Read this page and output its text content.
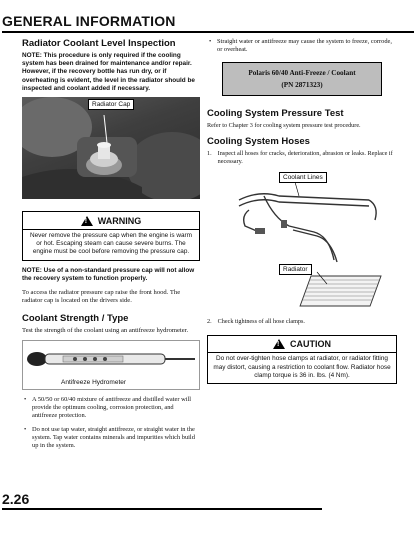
GENERAL INFORMATION
Radiator Coolant Level Inspection
NOTE: This procedure is only required if the cooling system has been drained for maintenance and/or repair. However, if the recovery bottle has run dry, or if overheating is evident, the level in the radiator should be inspected and coolant added if necessary.
Radiator Cap
!
WARNING
Never remove the pressure cap when the engine is warm or hot. Escaping steam can cause severe burns. The engine must be cool before removing the pressure cap.
NOTE: Use of a non-standard pressure cap will not allow the recovery system to function properly.
To access the radiator pressure cap raise the front hood. The radiator cap is located on the drivers side.
Coolant Strength / Type
Test the strength of the coolant using an antifreeze hydrometer.
Antifreeze Hydrometer
• A 50/50 or 60/40 mixture of antifreeze and distilled water will provide the optimum cooling, corrosion protection, and antifreeze protection.
• Do not use tap water, straight antifreeze, or straight water in the system. Tap water contains minerals and impurities which build up in the system.
• Straight water or antifreeze may cause the system to freeze, corrode, or overheat.
Polaris 60/40 Anti-Freeze / Coolant
(PN 2871323)
Cooling System Pressure Test
Refer to Chapter 3 for cooling system pressure test procedure.
Cooling System Hoses
1. Inspect all hoses for cracks, deterioration, abrasion or leaks. Replace if necessary.
Coolant Lines
Radiator
2. Check tightness of all hose clamps.
!
CAUTION
Do not over-tighten hose clamps at radiator, or radiator fitting may distort, causing a restriction to coolant flow. Radiator hose clamp torque is 36 in. lbs. (4 Nm).
2.26
